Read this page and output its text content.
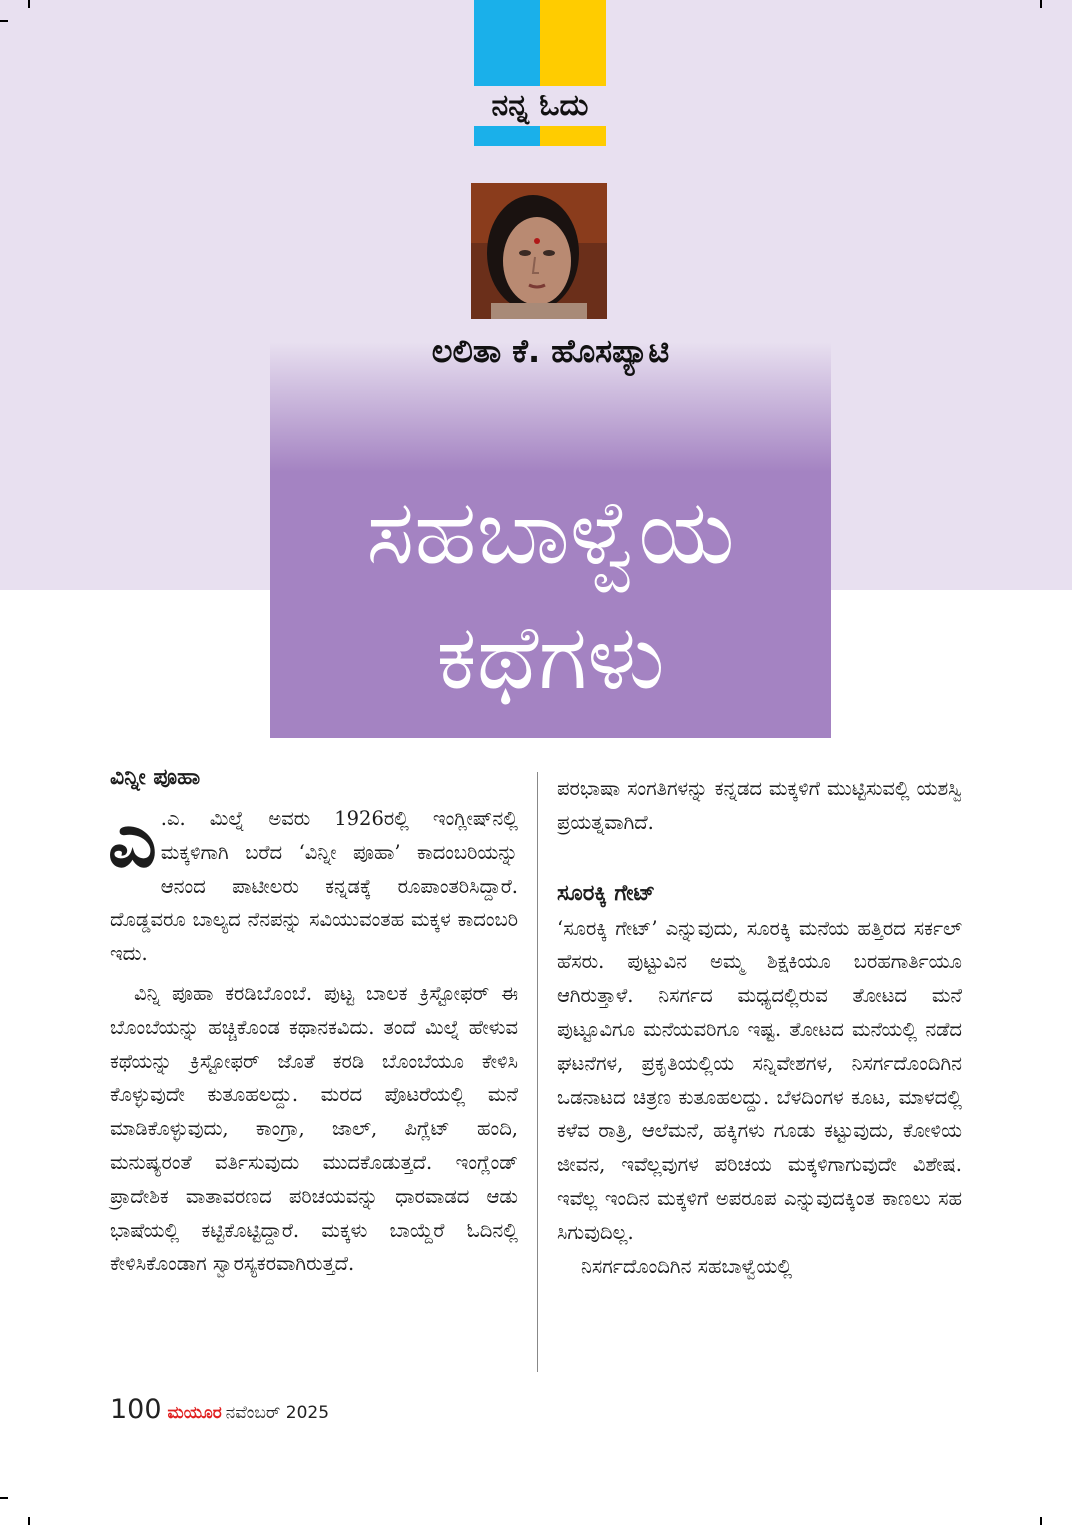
ನನ್ನ ಓದು
ಲಲಿತಾ ಕೆ. ಹೊಸಪ್ಯಾಟಿ
ಸಹಬಾಳ್ವೆಯ
ಕಥೆಗಳು
ವಿನ್ನೀ ಪೂಹಾ

ಎ .ಎ. ಮಿಲ್ನೆ ಅವರು 1926ರಲ್ಲಿ ಇಂಗ್ಲೀಷ್‌ನಲ್ಲಿ ಮಕ್ಕಳಿಗಾಗಿ ಬರೆದ ‘ವಿನ್ನೀ ಪೂಹಾ’ ಕಾದಂಬರಿಯನ್ನು ಆನಂದ ಪಾಟೀಲರು ಕನ್ನಡಕ್ಕೆ ರೂಪಾಂತರಿಸಿದ್ದಾರೆ. ದೊಡ್ಡವರೂ ಬಾಲ್ಯದ ನೆನಪನ್ನು ಸವಿಯುವಂತಹ ಮಕ್ಕಳ ಕಾದಂಬರಿ ಇದು.

ವಿನ್ನಿ ಪೂಹಾ ಕರಡಿಬೊಂಬೆ. ಪುಟ್ಟ ಬಾಲಕ ಕ್ರಿಸ್ಟೋಫರ್ ಈ ಬೊಂಬೆಯನ್ನು ಹಚ್ಚಿಕೊಂಡ ಕಥಾನಕವಿದು. ತಂದೆ ಮಿಲ್ನೆ ಹೇಳುವ ಕಥೆಯನ್ನು ಕ್ರಿಸ್ಟೋಫರ್ ಜೊತೆ ಕರಡಿ ಬೊಂಬೆಯೂ ಕೇಳಿಸಿ ಕೊಳ್ಳುವುದೇ ಕುತೂಹಲದ್ದು. ಮರದ ಪೊಟರೆಯಲ್ಲಿ ಮನೆ ಮಾಡಿಕೊಳ್ಳುವುದು, ಕಾಂಗ್ರಾ, ಜಾಲ್, ಪಿಗ್ಲೆಟ್ ಹಂದಿ, ಮನುಷ್ಯರಂತೆ ವರ್ತಿಸುವುದು ಮುದಕೊಡುತ್ತದೆ. ಇಂಗ್ಲೆಂಡ್ ಪ್ರಾದೇಶಿಕ ವಾತಾವರಣದ ಪರಿಚಯವನ್ನು ಧಾರವಾಡದ ಆಡು ಭಾಷೆಯಲ್ಲಿ ಕಟ್ಟಿಕೊಟ್ಟಿದ್ದಾರೆ. ಮಕ್ಕಳು ಬಾಯ್ದೆರೆ ಓದಿನಲ್ಲಿ ಕೇಳಿಸಿಕೊಂಡಾಗ ಸ್ವಾರಸ್ಯಕರವಾಗಿರುತ್ತದೆ.

ಪರಭಾಷಾ ಸಂಗತಿಗಳನ್ನು ಕನ್ನಡದ ಮಕ್ಕಳಿಗೆ ಮುಟ್ಟಿಸುವಲ್ಲಿ ಯಶಸ್ವಿ ಪ್ರಯತ್ನವಾಗಿದೆ.

ಸೂರಕ್ಕಿ ಗೇಟ್

‘ಸೂರಕ್ಕಿ ಗೇಟ್’ ಎನ್ನುವುದು, ಸೂರಕ್ಕಿ ಮನೆಯ ಹತ್ತಿರದ ಸರ್ಕಲ್ ಹೆಸರು. ಪುಟ್ಟುವಿನ ಅಮ್ಮ ಶಿಕ್ಷಕಿಯೂ ಬರಹಗಾರ್ತಿಯೂ ಆಗಿರುತ್ತಾಳೆ. ನಿಸರ್ಗದ ಮಧ್ಯದಲ್ಲಿರುವ ತೋಟದ ಮನೆ ಪುಟ್ಟೂವಿಗೂ ಮನೆಯವರಿಗೂ ಇಷ್ಟ. ತೋಟದ ಮನೆಯಲ್ಲಿ ನಡೆದ ಘಟನೆಗಳ, ಪ್ರಕೃತಿಯಲ್ಲಿಯ ಸನ್ನಿವೇಶಗಳ, ನಿಸರ್ಗದೊಂದಿಗಿನ ಒಡನಾಟದ ಚಿತ್ರಣ ಕುತೂಹಲದ್ದು. ಬೆಳದಿಂಗಳ ಕೂಟ, ಮಾಳದಲ್ಲಿ ಕಳೆವ ರಾತ್ರಿ, ಆಲೆಮನೆ, ಹಕ್ಕಿಗಳು ಗೂಡು ಕಟ್ಟುವುದು, ಕೋಳಿಯ ಜೀವನ, ಇವೆಲ್ಲವುಗಳ ಪರಿಚಯ ಮಕ್ಕಳಿಗಾಗುವುದೇ ವಿಶೇಷ. ಇವೆಲ್ಲ ಇಂದಿನ ಮಕ್ಕಳಿಗೆ ಅಪರೂಪ ಎನ್ನುವುದಕ್ಕಿಂತ ಕಾಣಲು ಸಹ ಸಿಗುವುದಿಲ್ಲ.

ನಿಸರ್ಗದೊಂದಿಗಿನ ಸಹಬಾಳ್ವೆಯಲ್ಲಿ

100 ಮಯೂರ ನವೆಂಬರ್ 2025
